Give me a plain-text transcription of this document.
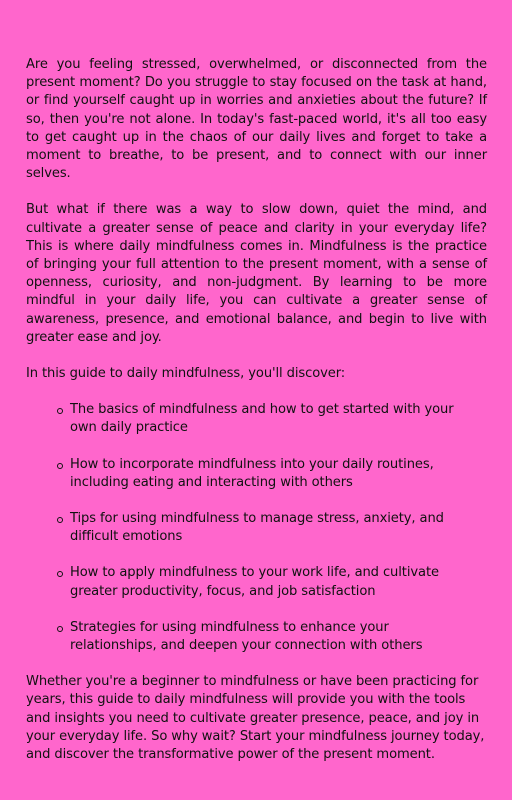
Are you feeling stressed, overwhelmed, or disconnected from the present moment? Do you struggle to stay focused on the task at hand, or find yourself caught up in worries and anxieties about the future? If so, then you're not alone. In today's fast-paced world, it's all too easy to get caught up in the chaos of our daily lives and forget to take a moment to breathe, to be present, and to connect with our inner selves.

But what if there was a way to slow down, quiet the mind, and cultivate a greater sense of peace and clarity in your everyday life? This is where daily mindfulness comes in. Mindfulness is the practice of bringing your full attention to the present moment, with a sense of openness, curiosity, and non-judgment. By learning to be more mindful in your daily life, you can cultivate a greater sense of awareness, presence, and emotional balance, and begin to live with greater ease and joy.

In this guide to daily mindfulness, you'll discover:

The basics of mindfulness and how to get started with your own daily practice
How to incorporate mindfulness into your daily routines, including eating and interacting with others
Tips for using mindfulness to manage stress, anxiety, and difficult emotions
How to apply mindfulness to your work life, and cultivate greater productivity, focus, and job satisfaction
Strategies for using mindfulness to enhance your relationships, and deepen your connection with others

Whether you're a beginner to mindfulness or have been practicing for years, this guide to daily mindfulness will provide you with the tools and insights you need to cultivate greater presence, peace, and joy in your everyday life. So why wait? Start your mindfulness journey today, and discover the transformative power of the present moment.
